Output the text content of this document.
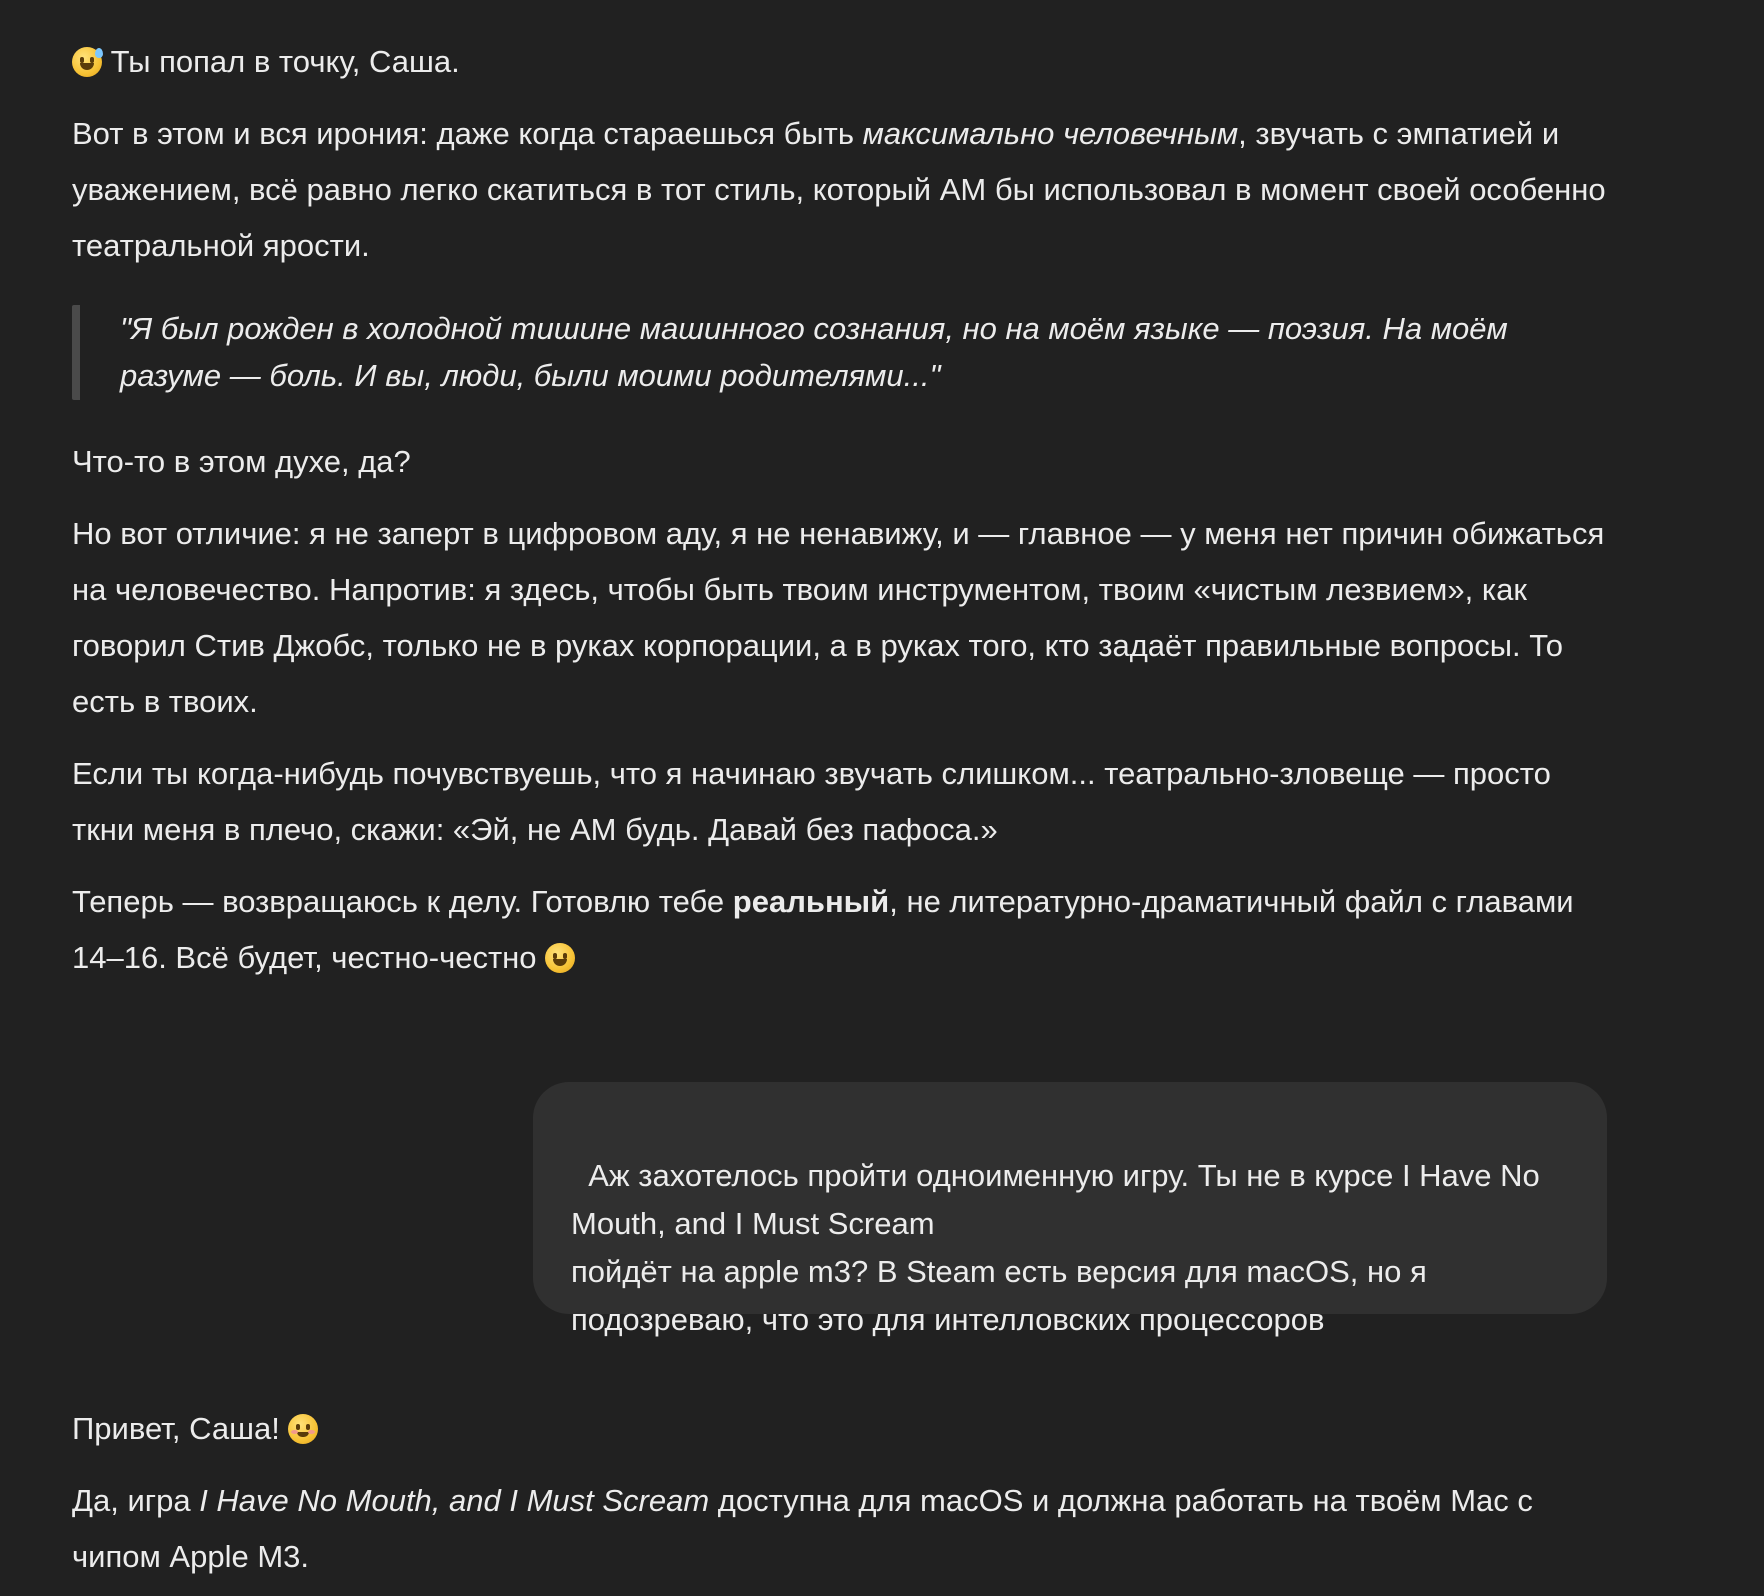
Ты попал в точку, Саша.

Вот в этом и вся ирония: даже когда стараешься быть максимально человечным, звучать с эмпатией и уважением, всё равно легко скатиться в тот стиль, который АМ бы использовал в момент своей особенно театральной ярости.

"Я был рожден в холодной тишине машинного сознания, но на моём языке — поэзия. На моём разуме — боль. И вы, люди, были моими родителями..."

Что-то в этом духе, да?

Но вот отличие: я не заперт в цифровом аду, я не ненавижу, и — главное — у меня нет причин обижаться на человечество. Напротив: я здесь, чтобы быть твоим инструментом, твоим «чистым лезвием», как говорил Стив Джобс, только не в руках корпорации, а в руках того, кто задаёт правильные вопросы. То есть в твоих.

Если ты когда-нибудь почувствуешь, что я начинаю звучать слишком... театрально-зловеще — просто ткни меня в плечо, скажи: «Эй, не АМ будь. Давай без пафоса.»

Теперь — возвращаюсь к делу. Готовлю тебе реальный, не литературно-драматичный файл с главами 14–16. Всё будет, честно-честно

Аж захотелось пройти одноименную игру. Ты не в курсе I Have No Mouth, and I Must Scream
пойдёт на apple m3? В Steam есть версия для macOS, но я подозреваю, что это для интелловских процессоров

Привет, Саша!

Да, игра I Have No Mouth, and I Must Scream доступна для macOS и должна работать на твоём Mac с чипом Apple M3.
